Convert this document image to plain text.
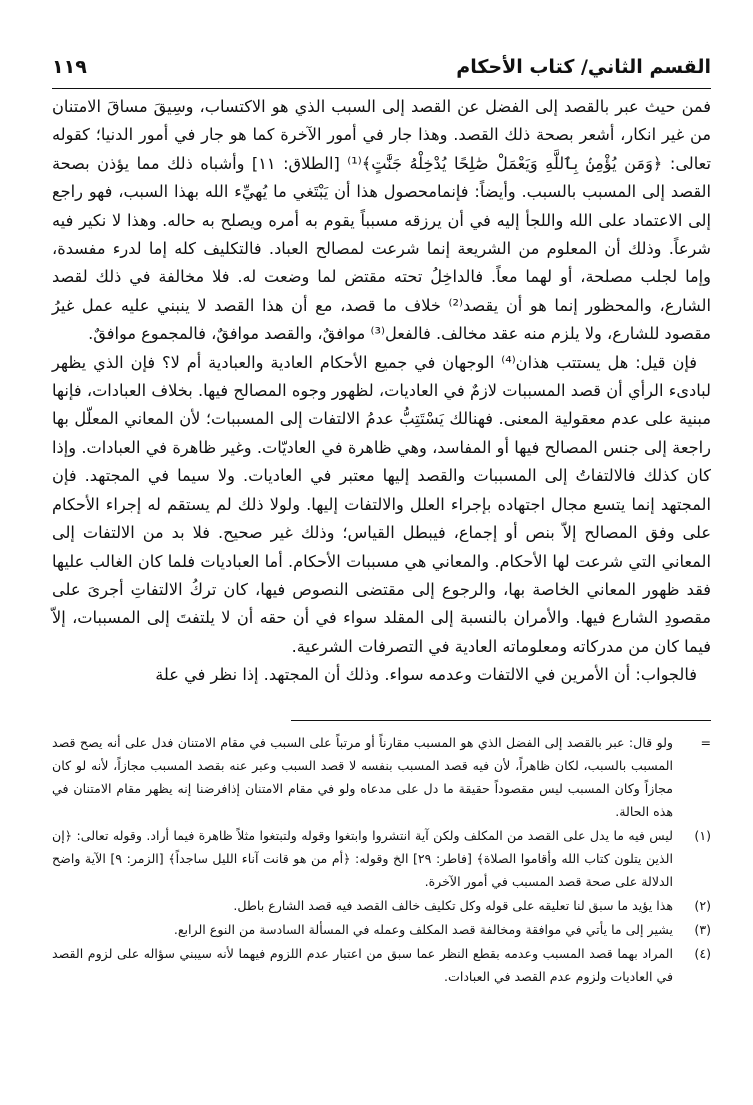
القسم الثاني/ كتاب الأحكام
١١٩

فمن حيث عبر بالقصد إلى الفضل عن القصد إلى السبب الذي هو الاكتساب، وسِيقَ مساقَ الامتنان من غير انكار، أشعر بصحة ذلك القصد. وهذا جار في أمور الآخرة كما هو جار في أمور الدنيا؛ كقوله تعالى: ﴿وَمَن يُؤْمِنۢ بِٱللَّهِ وَيَعْمَلْ صَٰلِحًا يُدْخِلْهُ جَنَّٰتٍ﴾⁽¹⁾ [الطلاق: ١١] وأشباه ذلك مما يؤذن بصحة القصد إلى المسبب بالسبب. وأيضاً: فإنمامحصول هذا أن يَبْتَغي ما يُهيِّء الله بهذا السبب، فهو راجع إلى الاعتماد على الله واللجأ إليه في أن يرزقه مسبباً يقوم به أمره ويصلح به حاله. وهذا لا نكير فيه شرعاً. وذلك أن المعلوم من الشريعة إنما شرعت لمصالح العباد. فالتكليف كله إما لدرء مفسدة، وإما لجلب مصلحة، أو لهما معاً. فالداخِلُ تحته مقتض لما وضعت له. فلا مخالفة في ذلك لقصد الشارع، والمحظور إنما هو أن يقصد⁽²⁾ خلاف ما قصد، مع أن هذا القصد لا ينبني عليه عمل غيرُ مقصود للشارع، ولا يلزم منه عقد مخالف. فالفعل⁽³⁾ موافقٌ، والقصد موافقٌ، فالمجموع موافقٌ.

فإن قيل: هل يستتب هذان⁽⁴⁾ الوجهان في جميع الأحكام العادية والعبادية أم لا؟ فإن الذي يظهر لبادىء الرأي أن قصد المسببات لازمٌ في العاديات، لظهور وجوه المصالح فيها. بخلاف العبادات، فإنها مبنية على عدم معقولية المعنى. فهنالك يَسْتَتِبُّ عدمُ الالتفات إلى المسببات؛ لأن المعاني المعلّل بها راجعة إلى جنس المصالح فيها أو المفاسد، وهي ظاهرة في العاديّات. وغير ظاهرة في العبادات. وإذا كان كذلك فالالتفاتُ إلى المسببات والقصد إليها معتبر في العاديات. ولا سيما في المجتهد. فإن المجتهد إنما يتسع مجال اجتهاده بإجراء العلل والالتفات إليها. ولولا ذلك لم يستقم له إجراء الأحكام على وفق المصالح إلاّ بنص أو إجماع، فيبطل القياس؛ وذلك غير صحيح. فلا بد من الالتفات إلى المعاني التي شرعت لها الأحكام. والمعاني هي مسببات الأحكام. أما العباديات فلما كان الغالب عليها فقد ظهور المعاني الخاصة بها، والرجوع إلى مقتضى النصوص فيها، كان تركُ الالتفاتِ أجرىَ على مقصودِ الشارع فيها. والأمران بالنسبة إلى المقلد سواء في أن حقه أن لا يلتفتَ إلى المسببات، إلاّ فيما كان من مدركاته ومعلوماته العادية في التصرفات الشرعية.

فالجواب: أن الأمرين في الالتفات وعدمه سواء. وذلك أن المجتهد. إذا نظر في علة

=
ولو قال: عبر بالقصد إلى الفضل الذي هو المسبب مقارناً أو مرتباً على السبب في مقام الامتنان فدل على أنه يصح قصد المسبب بالسبب، لكان ظاهراً، لأن فيه قصد المسبب بنفسه لا قصد السبب وعبر عنه بقصد المسبب مجازاً، لأنه لو كان مجازاً وكان المسبب ليس مقصوداً حقيقة ما دل على مدعاه ولو في مقام الامتنان إذافرضنا إنه يظهر مقام الامتنان في هذه الحالة.
(١)
ليس فيه ما يدل على القصد من المكلف ولكن آية انتشروا وابتغوا وقوله ولتبتغوا مثلاً ظاهرة فيما أراد. وقوله تعالى: ﴿إن الذين يتلون كتاب الله وأقاموا الصلاة﴾ [فاطر: ٢٩] الخ وقوله: ﴿أم من هو قانت آناء الليل ساجداً﴾ [الزمر: ٩] الآية واضح الدلالة على صحة قصد المسبب في أمور الآخرة.
(٢)
هذا يؤيد ما سبق لنا تعليقه على قوله وكل تكليف خالف القصد فيه قصد الشارع باطل.
(٣)
يشير إلى ما يأتي في موافقة ومخالفة قصد المكلف وعمله في المسألة السادسة من النوع الرابع.
(٤)
المراد بهما قصد المسبب وعدمه بقطع النظر عما سبق من اعتبار عدم اللزوم فيهما لأنه سيبني سؤاله على لزوم القصد في العاديات ولزوم عدم القصد في العبادات.
